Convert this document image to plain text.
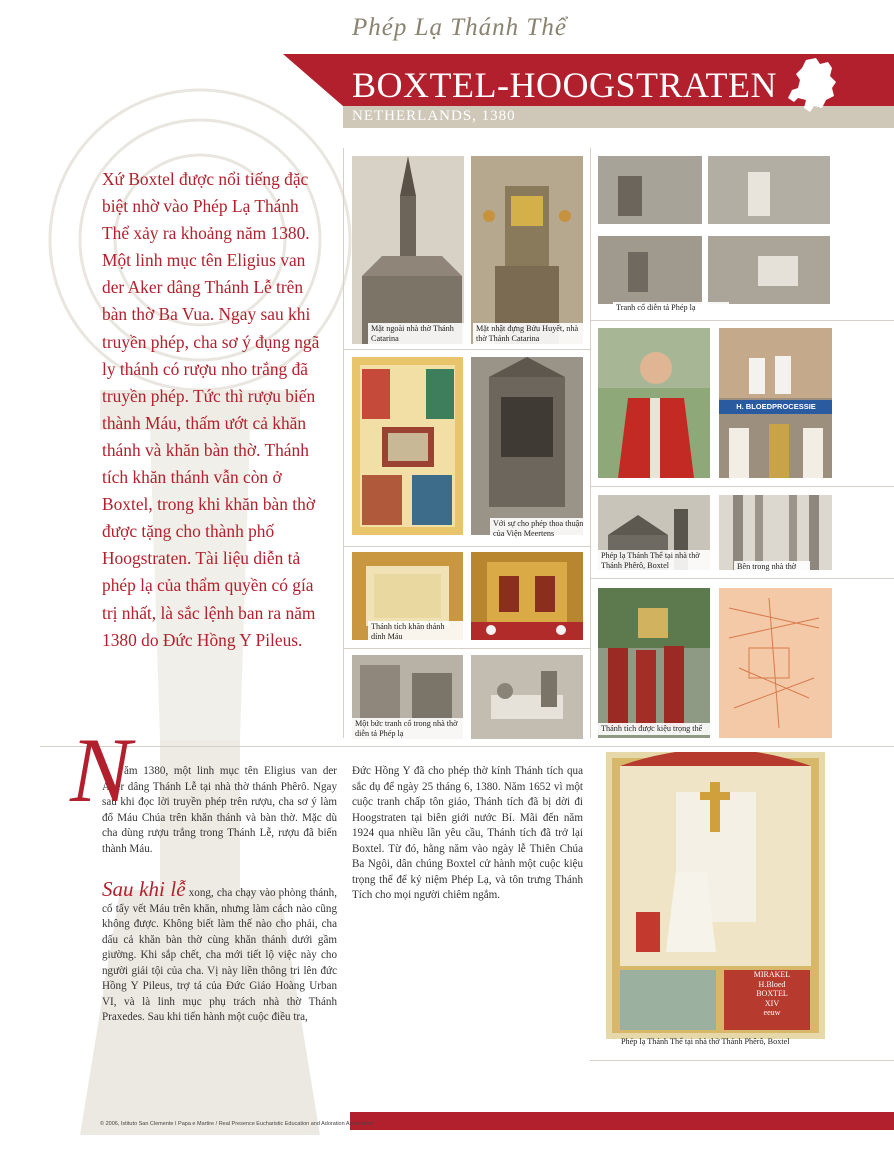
Phép Lạ Thánh Thể
BOXTEL-HOOGSTRATEN
NETHERLANDS, 1380

Xứ Boxtel được nổi tiếng đặc biệt nhờ vào Phép Lạ Thánh Thể xảy ra khoảng năm 1380. Một linh mục tên Eligius van der Aker dâng Thánh Lễ trên bàn thờ Ba Vua. Ngay sau khi truyền phép, cha sơ ý đụng ngã ly thánh có rượu nho trắng đã truyền phép. Tức thì rượu biến thành Máu, thấm ướt cả khăn thánh và khăn bàn thờ. Thánh tích khăn thánh vẫn còn ở Boxtel, trong khi khăn bàn thờ được tặng cho thành phố Hoogstraten. Tài liệu diễn tả phép lạ của thẩm quyền có gía trị nhất, là sắc lệnh ban ra năm 1380 do Đức Hồng Y Pileus.

Mặt ngoài nhà thờ Thánh Catarina
Mặt nhật đựng Bửu Huyết, nhà thờ Thánh Catarina
Với sự cho phép thoa thuận của Viện Meertens
Thánh tích khăn thánh dính Máu
Một bức tranh cổ trong nhà thờ diễn tả Phép lạ
Tranh cổ diễn tả Phép lạ
H. BLOEDPROCESSIE
Phép lạ Thánh Thể tại nhà thờ Thánh Phêrô, Boxtel	Bên trong nhà thờ
Thánh tích được kiệu trọng thể
MIRAKEL
H.Bloed
BOXTEL
XIV
eeuw
Phép lạ Thánh Thể tại nhà thờ Thánh Phêrô, Boxtel
N

ăm 1380, một linh mục tên Eligius van der Aker dâng Thánh Lễ tại nhà thờ thánh Phêrô. Ngay sau khi đọc lời truyền phép trên rượu, cha sơ ý làm đổ Máu Chúa trên khăn thánh và bàn thờ. Mặc dù cha dùng rượu trắng trong Thánh Lễ, rượu đã biến thành Máu.

Sau khi lễ xong, cha chạy vào phòng thánh, cố tẩy vết Máu trên khăn, nhưng làm cách nào cũng không được. Không biết làm thế nào cho phải, cha dấu cả khăn bàn thờ cùng khăn thánh dưới gầm giường. Khi sắp chết, cha mới tiết lộ việc này cho người giải tội của cha. Vị này liền thông tri lên đức Hồng Y Pileus, trợ tá của Đức Giáo Hoàng Urban VI, và là linh mục phụ trách nhà thờ Thánh Praxedes. Sau khi tiến hành một cuộc điều tra,

Đức Hồng Y đã cho phép thờ kính Thánh tích qua sắc dụ để ngày 25 tháng 6, 1380. Năm 1652 vì một cuộc tranh chấp tôn giáo, Thánh tích đã bị dời đi Hoogstraten tại biên giới nước Bỉ. Mãi đến năm 1924 qua nhiều lần yêu cầu, Thánh tích đã trở lại Boxtel. Từ đó, hằng năm vào ngày lễ Thiên Chúa Ba Ngôi, dân chúng Boxtel cử hành một cuộc kiệu trọng thể để kỷ niệm Phép Lạ, và tôn trưng Thánh Tích cho mọi người chiêm ngắm.

© 2006, Istituto San Clemente I Papa e Martire / Real Presence Eucharistic Education and Adoration Association
